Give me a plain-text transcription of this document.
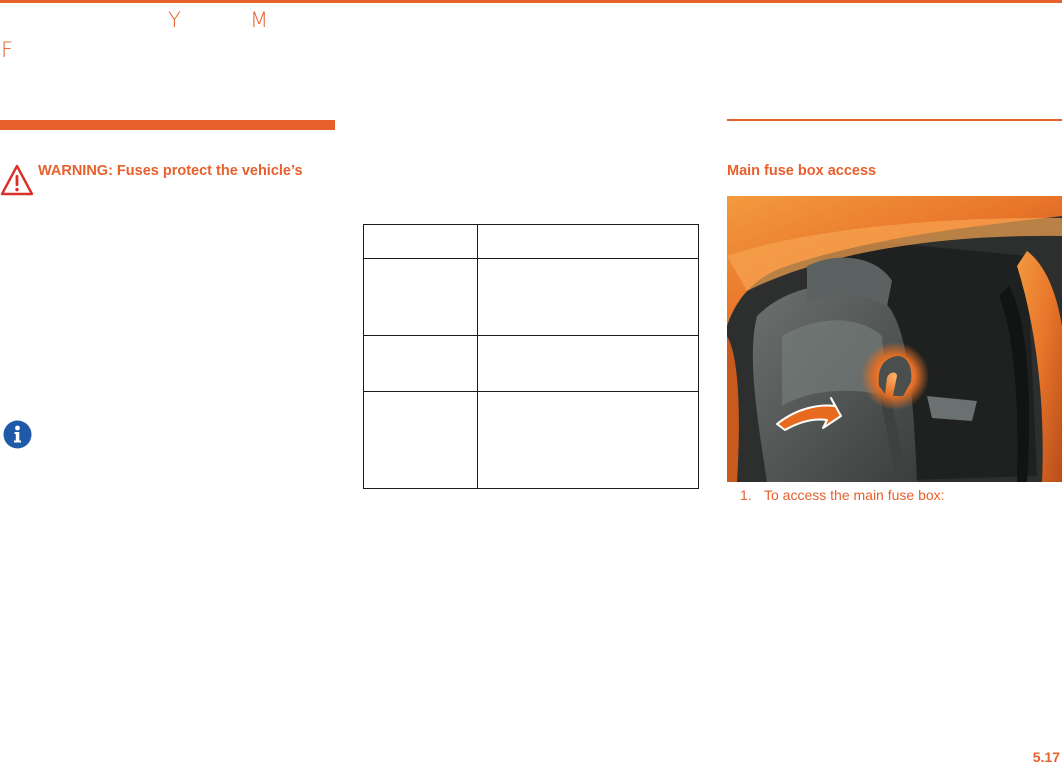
Y	M
F
WARNING: Fuses protect the vehicle’s

		Main fuse box access
1. To access the main fuse box:
5.17
